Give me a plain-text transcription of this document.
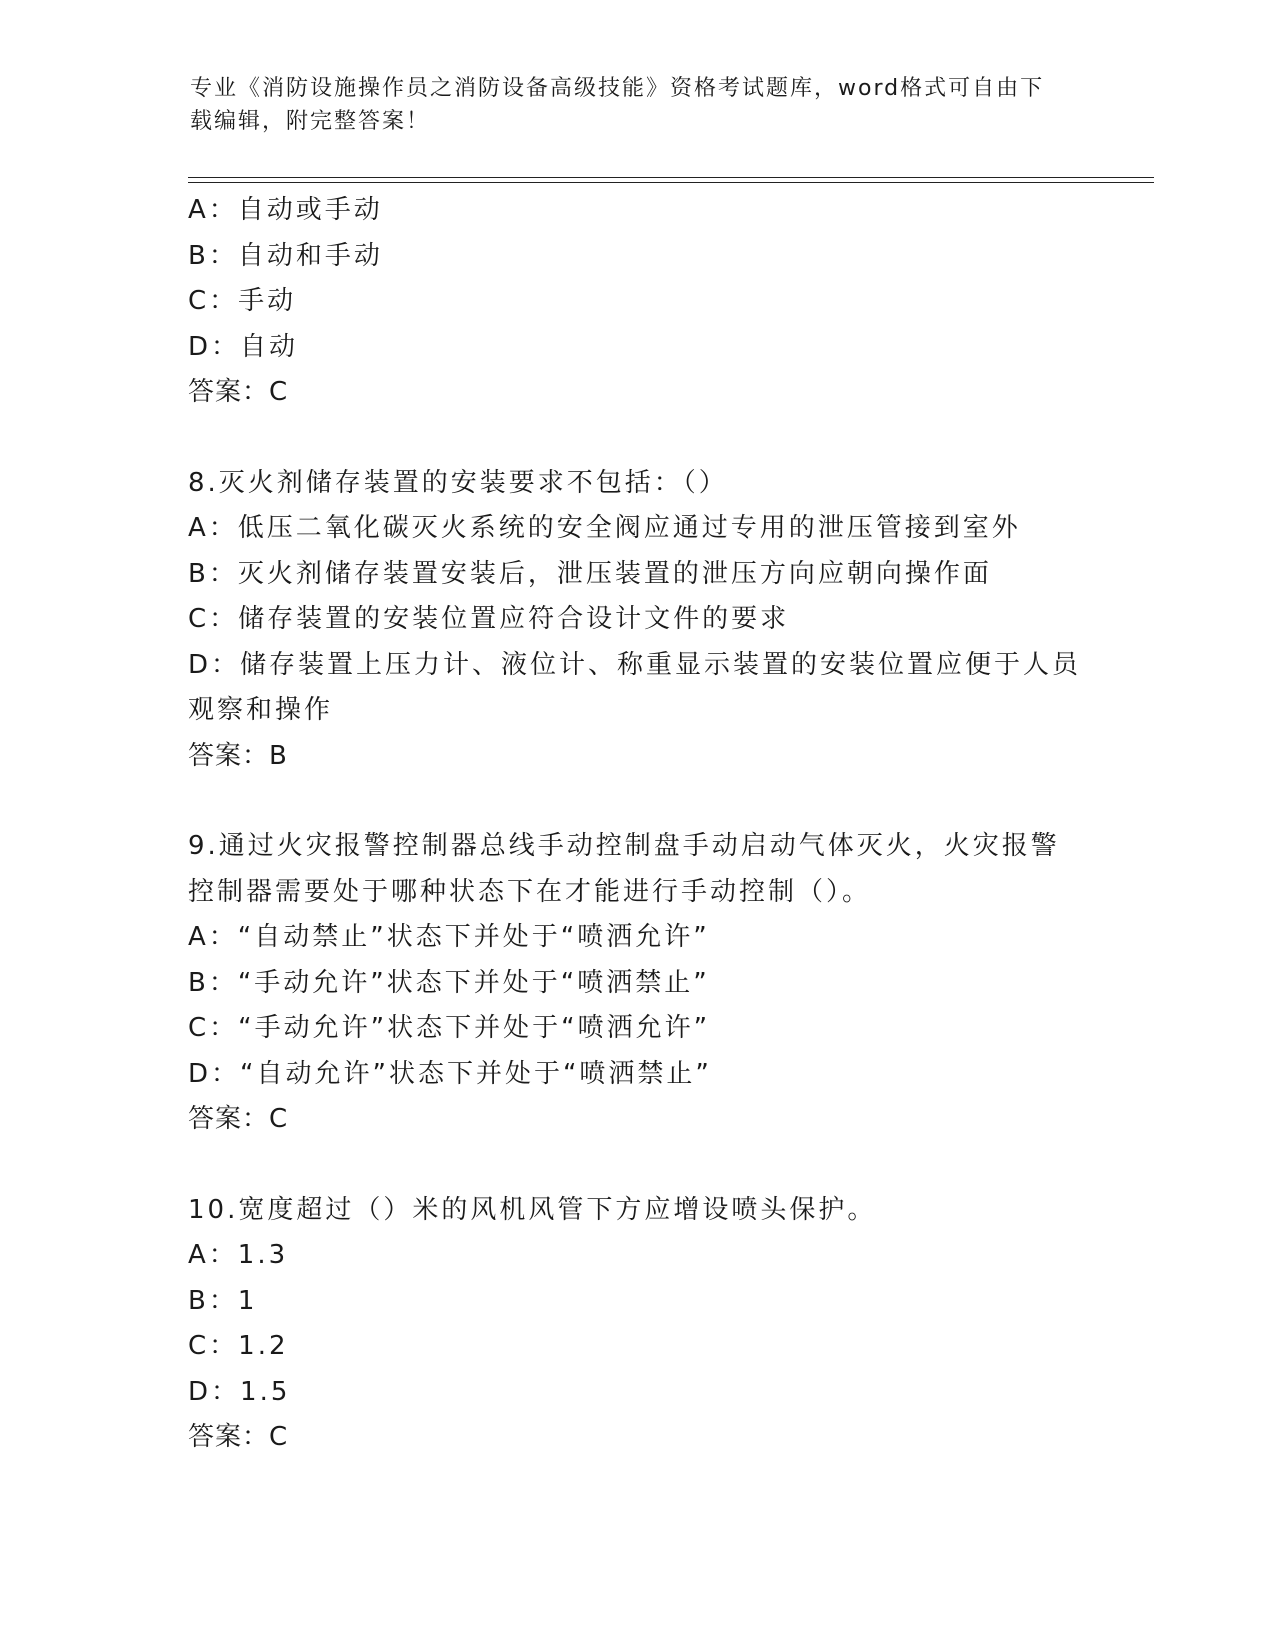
专业《消防设施操作员之消防设备高级技能》资格考试题库，word格式可自由下
载编辑，附完整答案！
A：自动或手动
B：自动和手动
C：手动
D：自动
答案：C
8.灭火剂储存装置的安装要求不包括：（）
A：低压二氧化碳灭火系统的安全阀应通过专用的泄压管接到室外
B：灭火剂储存装置安装后，泄压装置的泄压方向应朝向操作面
C：储存装置的安装位置应符合设计文件的要求
D：储存装置上压力计、液位计、称重显示装置的安装位置应便于人员
观察和操作
答案：B
9.通过火灾报警控制器总线手动控制盘手动启动气体灭火，火灾报警
控制器需要处于哪种状态下在才能进行手动控制（）。
A：“自动禁止”状态下并处于“喷洒允许”
B：“手动允许”状态下并处于“喷洒禁止”
C：“手动允许”状态下并处于“喷洒允许”
D：“自动允许”状态下并处于“喷洒禁止”
答案：C
10.宽度超过（）米的风机风管下方应增设喷头保护。
A：1.3
B：1
C：1.2
D：1.5
答案：C
